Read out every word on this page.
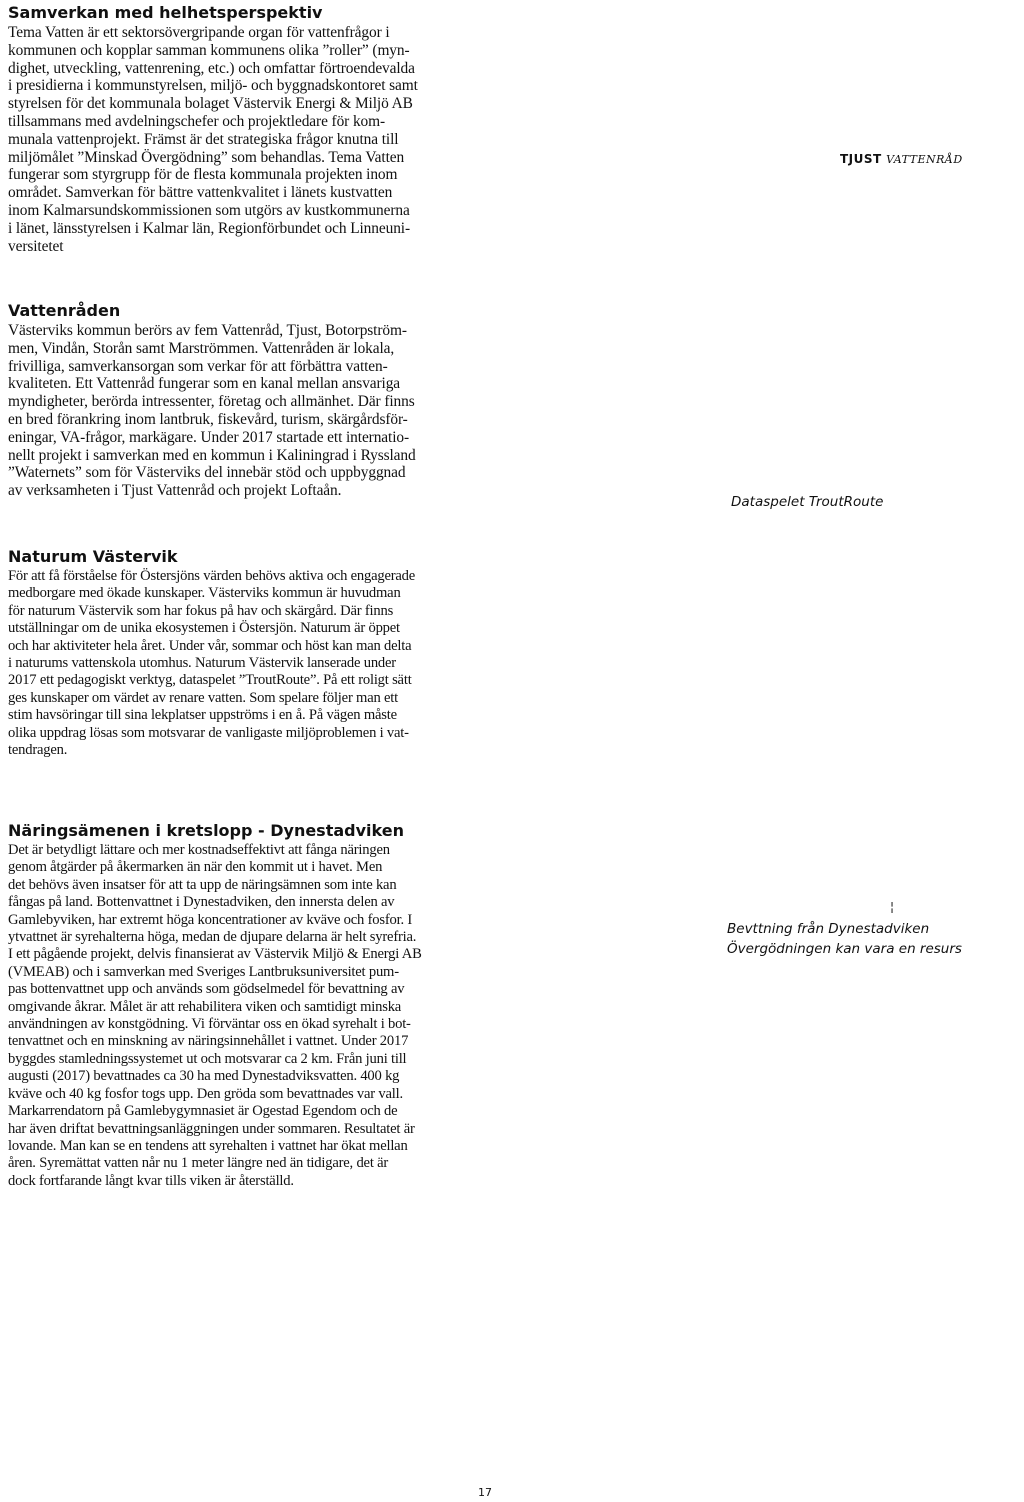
Samverkan med helhetsperspektiv

Tema Vatten är ett sektorsövergripande organ för vattenfrågor i

kommunen och kopplar samman kommunens olika ”roller” (myn-

dighet, utveckling, vattenrening, etc.) och omfattar förtroendevalda

i presidierna i kommunstyrelsen, miljö- och byggnadskontoret samt

styrelsen för det kommunala bolaget Västervik Energi & Miljö AB

tillsammans med avdelningschefer och projektledare för kom-

munala vattenprojekt. Främst är det strategiska frågor knutna till

miljömålet ”Minskad Övergödning” som behandlas. Tema Vatten

fungerar som styrgrupp för de flesta kommunala projekten inom

området. Samverkan för bättre vattenkvalitet i länets kustvatten

inom Kalmarsundskommissionen som utgörs av kustkommunerna

i länet, länsstyrelsen i Kalmar län, Regionförbundet och Linneuni-

versitetet

Vattenråden

Västerviks kommun berörs av fem Vattenråd, Tjust, Botorpström-

men, Vindån, Storån samt Marströmmen. Vattenråden är lokala,

frivilliga, samverkansorgan som verkar för att förbättra vatten-

kvaliteten. Ett Vattenråd fungerar som en kanal mellan ansvariga

myndigheter, berörda intressenter, företag och allmänhet. Där finns

en bred förankring inom lantbruk, fiskevård, turism, skärgårdsför-

eningar, VA-frågor, markägare. Under 2017 startade ett internatio-

nellt projekt i samverkan med en kommun i Kaliningrad i Ryssland

”Waternets” som för Västerviks del innebär stöd och uppbyggnad

av verksamheten i Tjust Vattenråd och projekt Loftaån.

Naturum Västervik

För att få förståelse för Östersjöns värden behövs aktiva och engagerade

medborgare med ökade kunskaper. Västerviks kommun är huvudman

för naturum Västervik som har fokus på hav och skärgård. Där finns

utställningar om de unika ekosystemen i Östersjön. Naturum är öppet

och har aktiviteter hela året. Under vår, sommar och höst kan man delta

i naturums vattenskola utomhus. Naturum Västervik lanserade under

2017 ett pedagogiskt verktyg, dataspelet ”TroutRoute”. På ett roligt sätt

ges kunskaper om värdet av renare vatten. Som spelare följer man ett

stim havsöringar till sina lekplatser uppströms i en å. På vägen måste

olika uppdrag lösas som motsvarar de vanligaste miljöproblemen i vat-

tendragen.

Näringsämenen i kretslopp - Dynestadviken

Det är betydligt lättare och mer kostnadseffektivt att fånga näringen

genom åtgärder på åkermarken än när den kommit ut i havet. Men

det behövs även insatser för att ta upp de näringsämnen som inte kan

fångas på land. Bottenvattnet i Dynestadviken, den innersta delen av

Gamlebyviken, har extremt höga koncentrationer av kväve och fosfor. I

ytvattnet är syrehalterna höga, medan de djupare delarna är helt syrefria.

I ett pågående projekt, delvis finansierat av Västervik Miljö & Energi AB

(VMEAB) och i samverkan med Sveriges Lantbruksuniversitet pum-

pas bottenvattnet upp och används som gödselmedel för bevattning av

omgivande åkrar. Målet är att rehabilitera viken och samtidigt minska

användningen av konstgödning. Vi förväntar oss en ökad syrehalt i bot-

tenvattnet och en minskning av näringsinnehållet i vattnet. Under 2017

byggdes stamledningssystemet ut och motsvarar ca 2 km. Från juni till

augusti (2017) bevattnades ca 30 ha med Dynestadviksvatten. 400 kg

kväve och 40 kg fosfor togs upp. Den gröda som bevattnades var vall.

Markarrendatorn på Gamlebygymnasiet är Ogestad Egendom och de

har även driftat bevattningsanläggningen under sommaren. Resultatet är

lovande. Man kan se en tendens att syrehalten i vattnet har ökat mellan

åren. Syremättat vatten når nu 1 meter längre ned än tidigare, det är

dock fortfarande långt kvar tills viken är återställd.

TJUST VATTENRÅD

Dataspelet TroutRoute

¦
Bevttning från Dynestadviken
Övergödningen kan vara en resurs
17
